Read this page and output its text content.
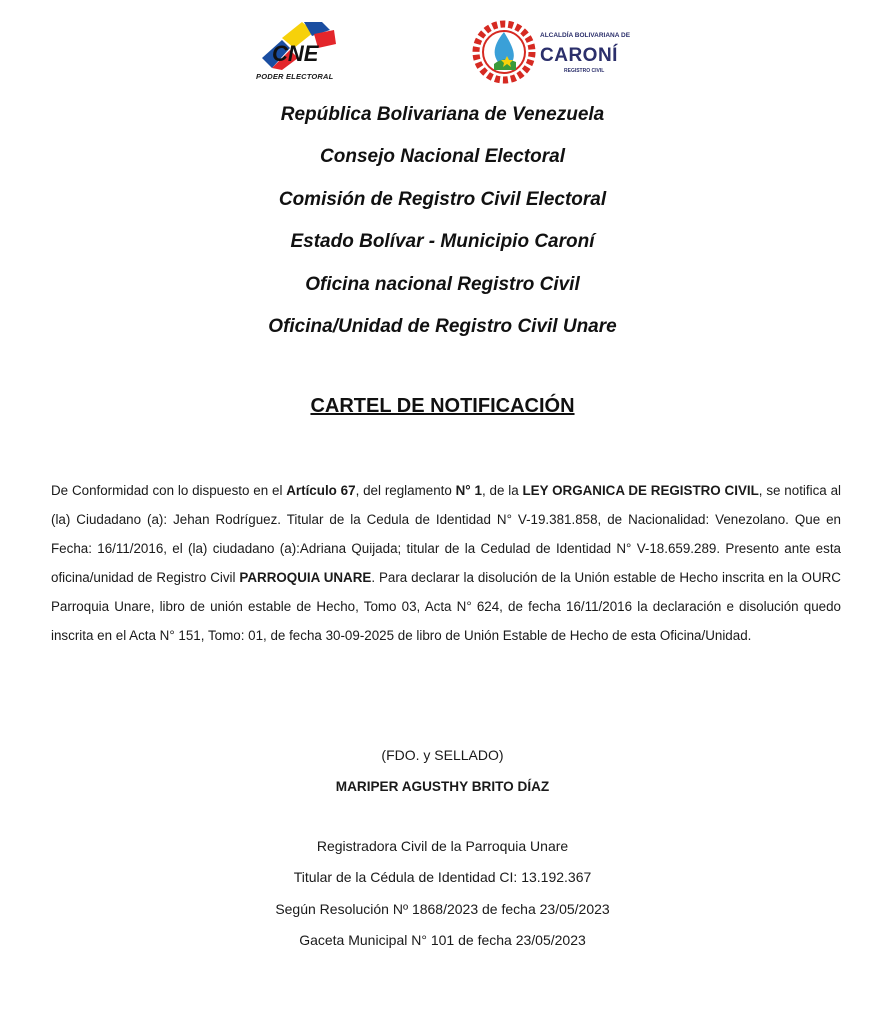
CNE
PODER ELECTORAL
ALCALDÍA BOLIVARIANA DE
CARONÍ
REGISTRO CIVIL
República Bolivariana de Venezuela
Consejo Nacional Electoral
Comisión de Registro Civil Electoral
Estado Bolívar - Municipio Caroní
Oficina nacional Registro Civil
Oficina/Unidad de Registro Civil Unare
CARTEL DE NOTIFICACIÓN
De Conformidad con lo dispuesto en el Artículo 67, del reglamento N° 1, de la LEY ORGANICA DE REGISTRO CIVIL, se notifica al (la) Ciudadano (a): Jehan Rodríguez. Titular de la Cedula de Identidad N° V-19.381.858, de Nacionalidad: Venezolano. Que en Fecha: 16/11/2016, el (la) ciudadano (a):Adriana Quijada; titular de la Cedulad de Identidad N° V-18.659.289. Presento ante esta oficina/unidad de Registro Civil PARROQUIA UNARE. Para declarar la disolución de la Unión estable de Hecho inscrita en la OURC Parroquia Unare, libro de unión estable de Hecho, Tomo 03, Acta N° 624, de fecha 16/11/2016 la declaración e disolución quedo inscrita en el Acta N° 151, Tomo: 01, de fecha 30-09-2025 de libro de Unión Estable de Hecho de esta Oficina/Unidad.
(FDO. y SELLADO)
MARIPER AGUSTHY BRITO DÍAZ
Registradora Civil de la Parroquia Unare
Titular de la Cédula de Identidad CI: 13.192.367
Según Resolución Nº 1868/2023 de fecha 23/05/2023
Gaceta Municipal N° 101 de fecha 23/05/2023
